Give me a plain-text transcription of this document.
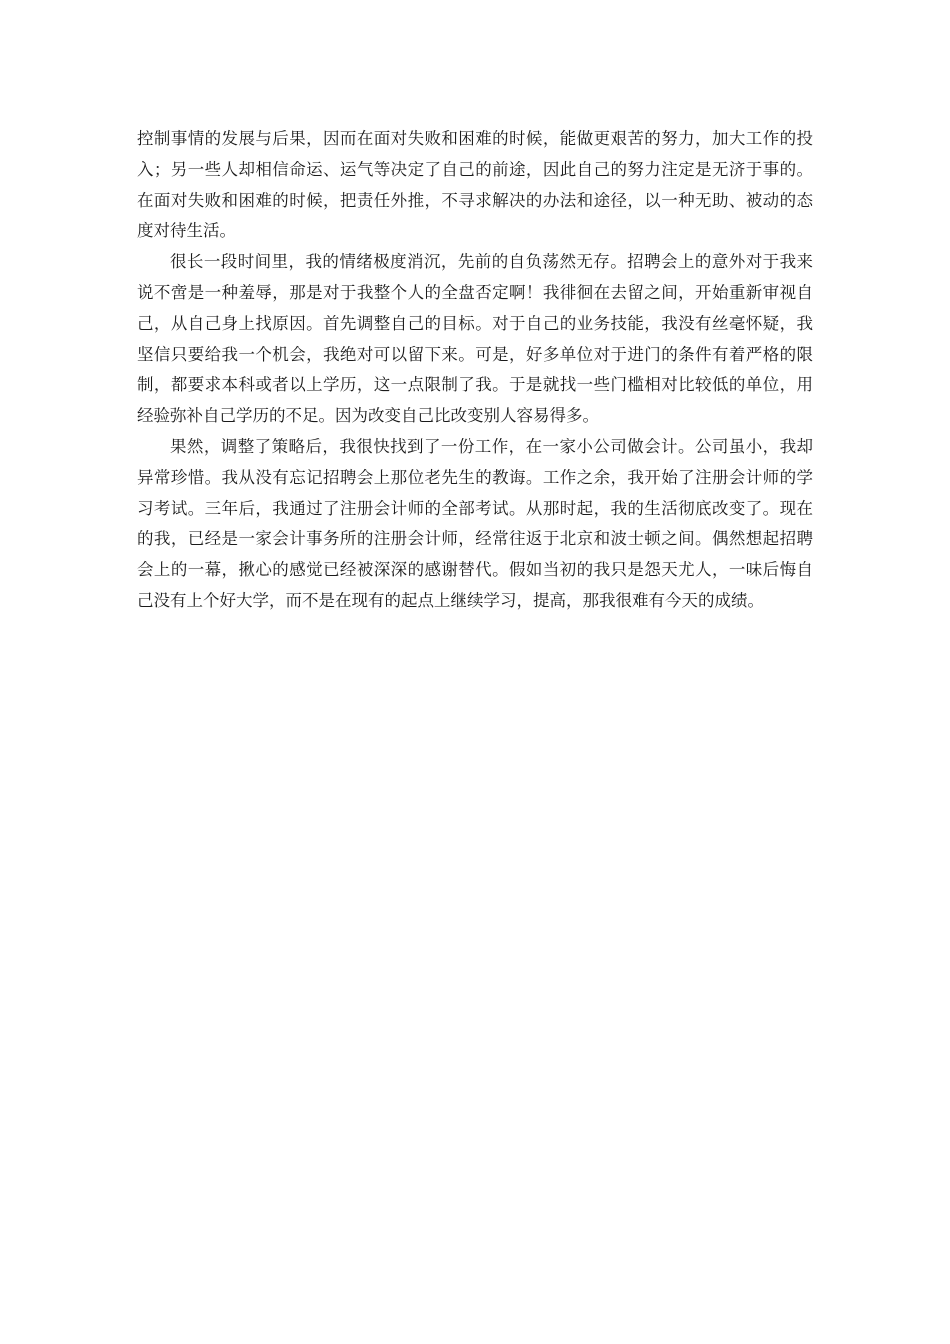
控制事情的发展与后果，因而在面对失败和困难的时候，能做更艰苦的努力，加大工作的投入；另一些人却相信命运、运气等决定了自己的前途，因此自己的努力注定是无济于事的。在面对失败和困难的时候，把责任外推，不寻求解决的办法和途径，以一种无助、被动的态度对待生活。

很长一段时间里，我的情绪极度消沉，先前的自负荡然无存。招聘会上的意外对于我来说不啻是一种羞辱，那是对于我整个人的全盘否定啊！我徘徊在去留之间，开始重新审视自己，从自己身上找原因。首先调整自己的目标。对于自己的业务技能，我没有丝毫怀疑，我坚信只要给我一个机会，我绝对可以留下来。可是，好多单位对于进门的条件有着严格的限制，都要求本科或者以上学历，这一点限制了我。于是就找一些门槛相对比较低的单位，用经验弥补自己学历的不足。因为改变自己比改变别人容易得多。

果然，调整了策略后，我很快找到了一份工作，在一家小公司做会计。公司虽小，我却异常珍惜。我从没有忘记招聘会上那位老先生的教诲。工作之余，我开始了注册会计师的学习考试。三年后，我通过了注册会计师的全部考试。从那时起，我的生活彻底改变了。现在的我，已经是一家会计事务所的注册会计师，经常往返于北京和波士顿之间。偶然想起招聘会上的一幕，揪心的感觉已经被深深的感谢替代。假如当初的我只是怨天尤人，一味后悔自己没有上个好大学，而不是在现有的起点上继续学习，提高，那我很难有今天的成绩。
